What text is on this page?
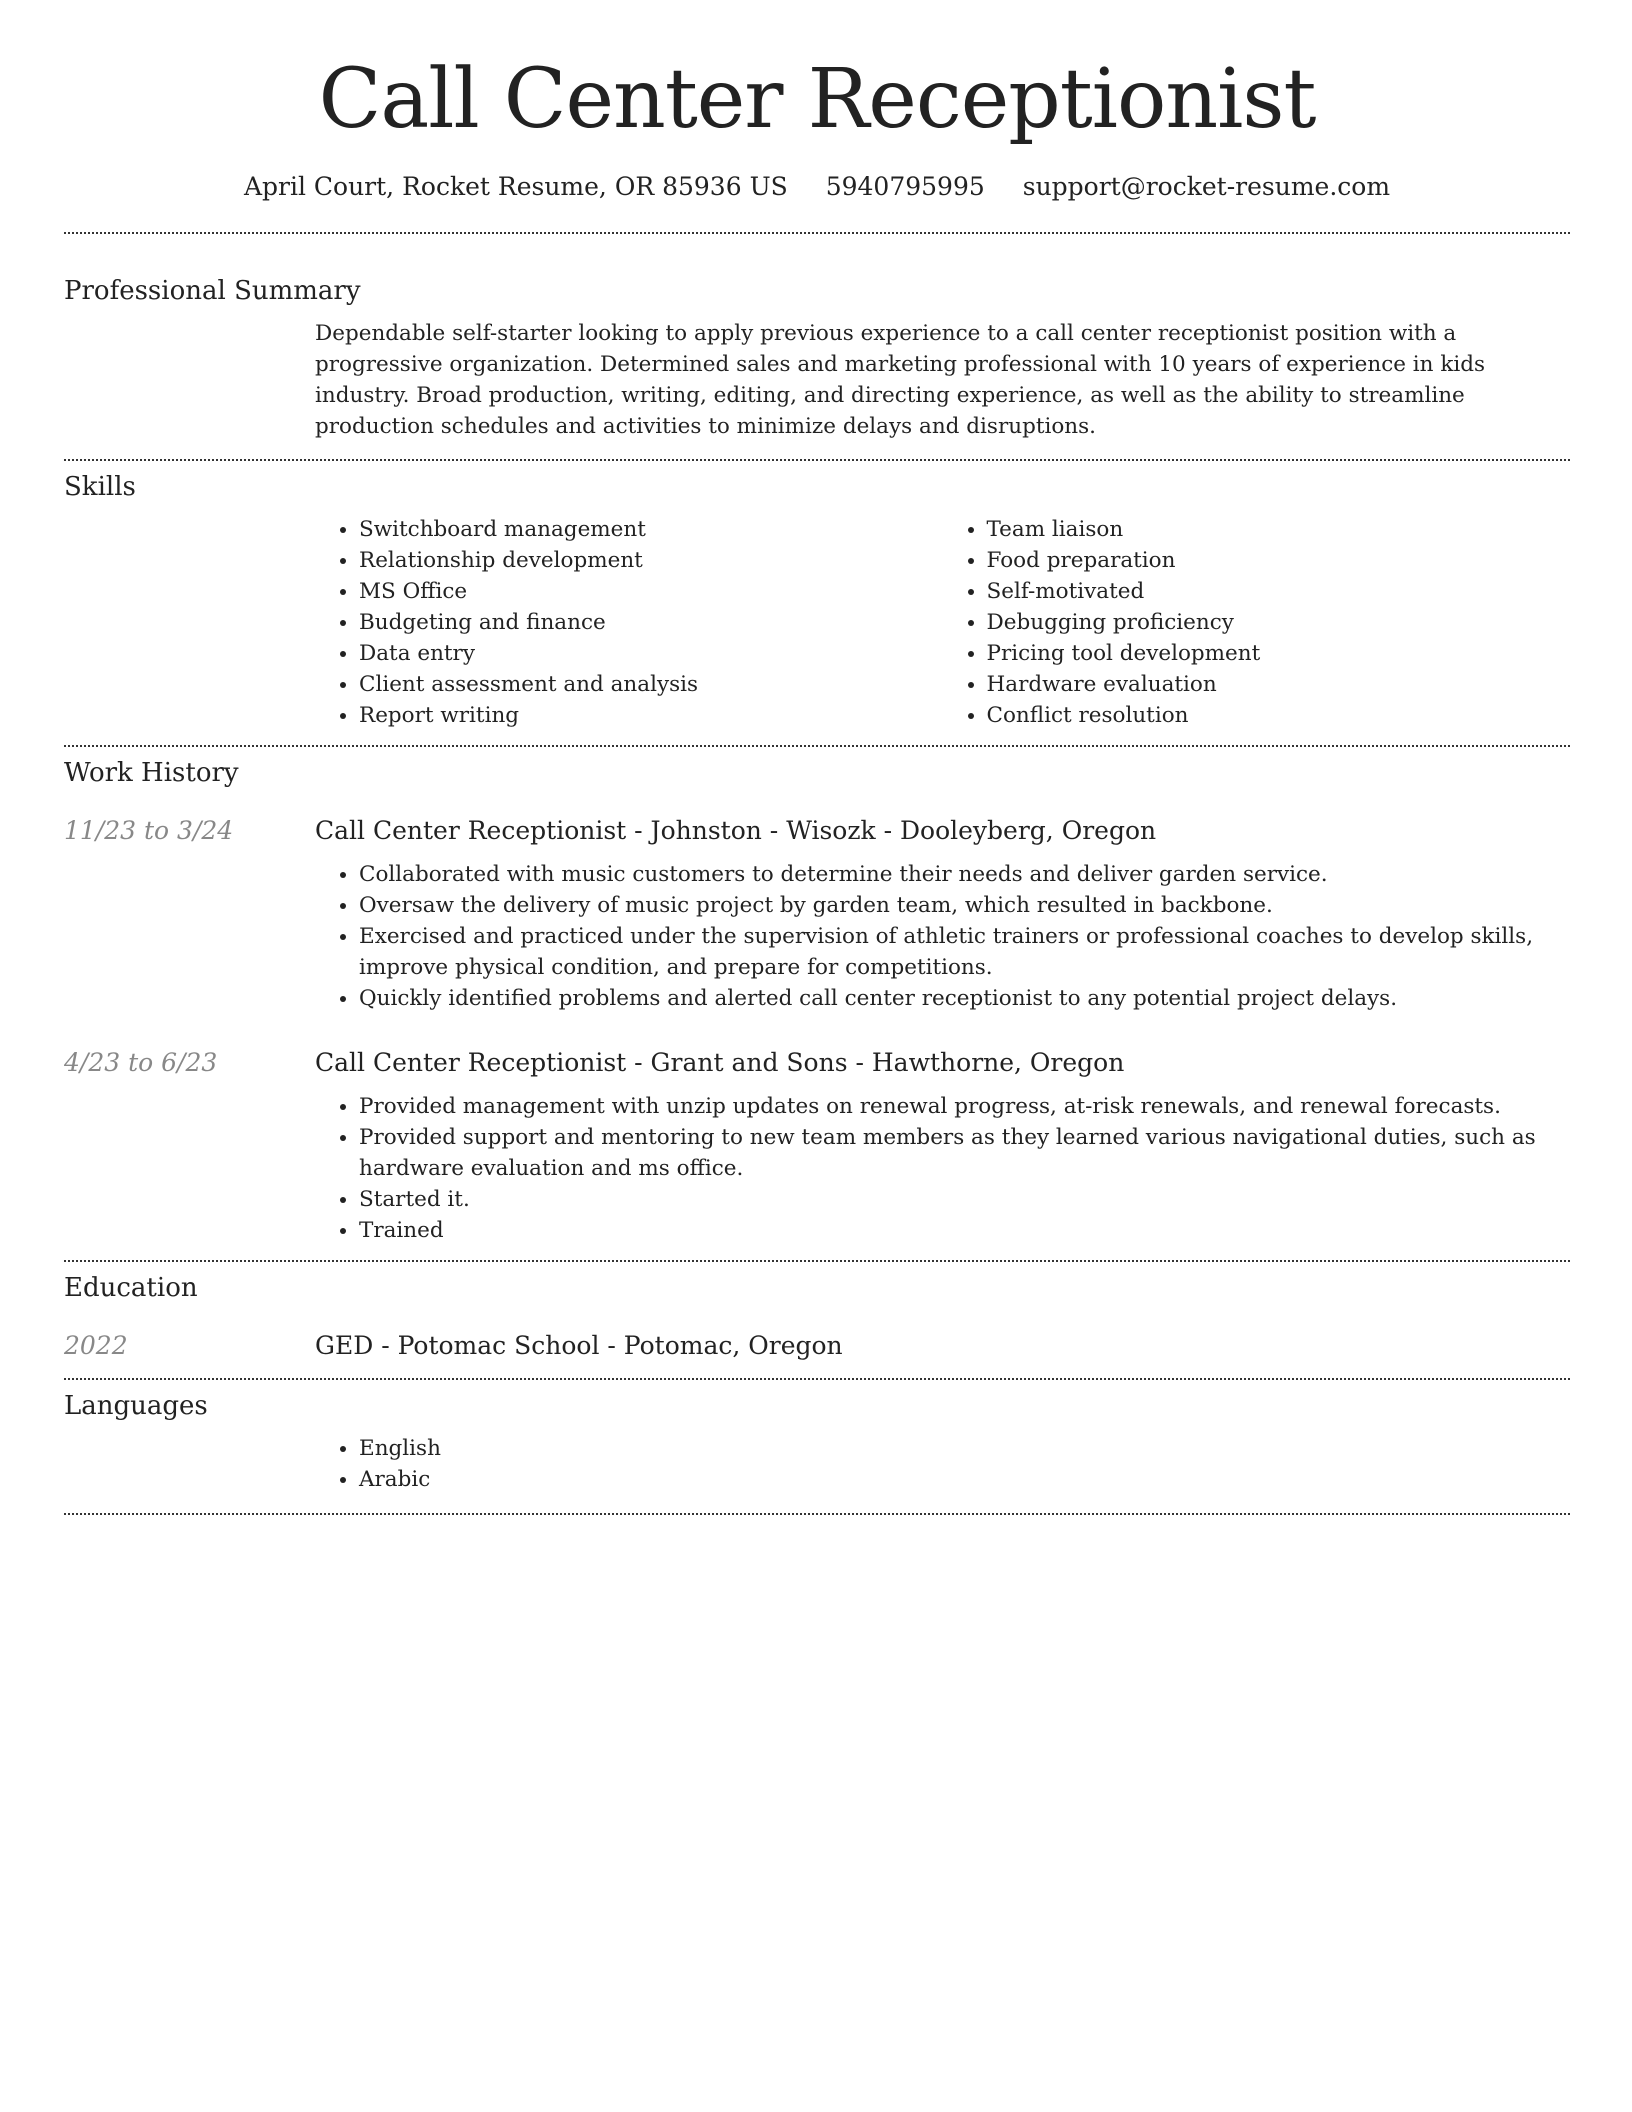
Call Center Receptionist
April Court, Rocket Resume, OR 85936 US 5940795995 support@rocket-resume.com
Professional Summary

Dependable self-starter looking to apply previous experience to a call center receptionist position with a progressive organization. Determined sales and marketing professional with 10 years of experience in kids industry. Broad production, writing, editing, and directing experience, as well as the ability to streamline production schedules and activities to minimize delays and disruptions.

Skills
• Switchboard management
• Relationship development
• MS Office
• Budgeting and finance
• Data entry
• Client assessment and analysis
• Report writing
• Team liaison
• Food preparation
• Self-motivated
• Debugging proficiency
• Pricing tool development
• Hardware evaluation
• Conflict resolution
Work History
11/23 to 3/24	Call Center Receptionist - Johnston - Wisozk - Dooleyberg, Oregon
• Collaborated with music customers to determine their needs and deliver garden service.
• Oversaw the delivery of music project by garden team, which resulted in backbone.
• Exercised and practiced under the supervision of athletic trainers or professional coaches to develop skills, improve physical condition, and prepare for competitions.
• Quickly identified problems and alerted call center receptionist to any potential project delays.
4/23 to 6/23	Call Center Receptionist - Grant and Sons - Hawthorne, Oregon
• Provided management with unzip updates on renewal progress, at-risk renewals, and renewal forecasts.
• Provided support and mentoring to new team members as they learned various navigational duties, such as hardware evaluation and ms office.
• Started it.
• Trained
Education
2022	GED - Potomac School - Potomac, Oregon
Languages
• English
• Arabic
